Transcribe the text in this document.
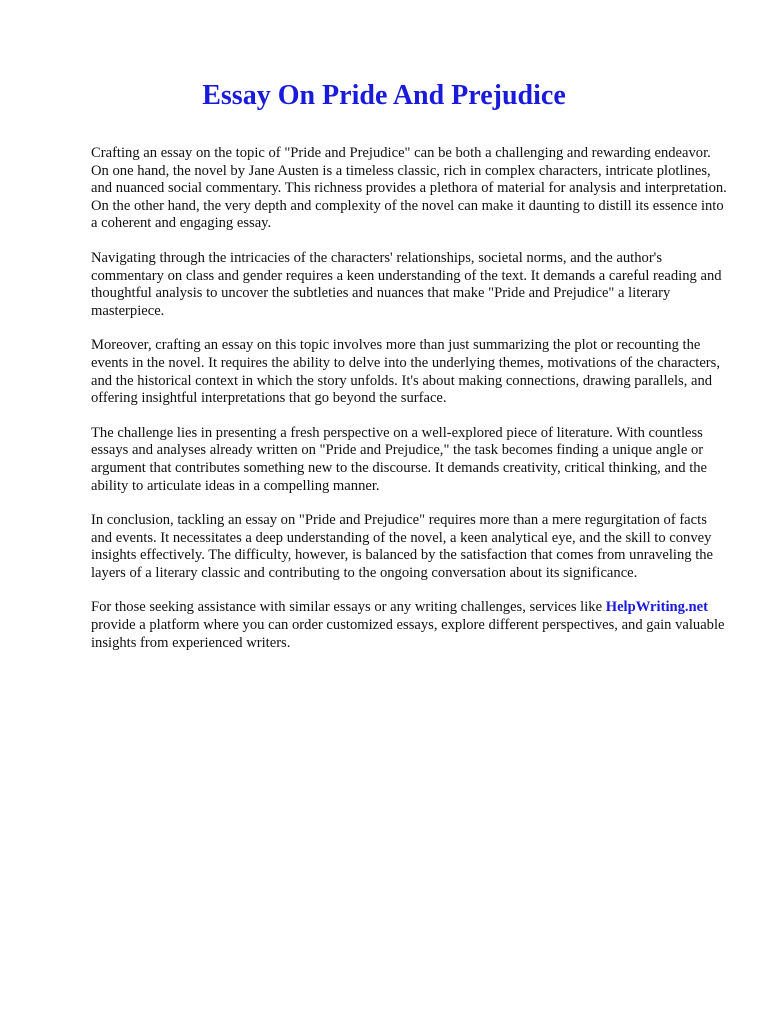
Essay On Pride And Prejudice

Crafting an essay on the topic of "Pride and Prejudice" can be both a challenging and rewarding endeavor. On one hand, the novel by Jane Austen is a timeless classic, rich in complex characters, intricate plotlines, and nuanced social commentary. This richness provides a plethora of material for analysis and interpretation. On the other hand, the very depth and complexity of the novel can make it daunting to distill its essence into a coherent and engaging essay.

Navigating through the intricacies of the characters' relationships, societal norms, and the author's commentary on class and gender requires a keen understanding of the text. It demands a careful reading and thoughtful analysis to uncover the subtleties and nuances that make "Pride and Prejudice" a literary masterpiece.

Moreover, crafting an essay on this topic involves more than just summarizing the plot or recounting the events in the novel. It requires the ability to delve into the underlying themes, motivations of the characters, and the historical context in which the story unfolds. It's about making connections, drawing parallels, and offering insightful interpretations that go beyond the surface.

The challenge lies in presenting a fresh perspective on a well-explored piece of literature. With countless essays and analyses already written on "Pride and Prejudice," the task becomes finding a unique angle or argument that contributes something new to the discourse. It demands creativity, critical thinking, and the ability to articulate ideas in a compelling manner.

In conclusion, tackling an essay on "Pride and Prejudice" requires more than a mere regurgitation of facts and events. It necessitates a deep understanding of the novel, a keen analytical eye, and the skill to convey insights effectively. The difficulty, however, is balanced by the satisfaction that comes from unraveling the layers of a literary classic and contributing to the ongoing conversation about its significance.

For those seeking assistance with similar essays or any writing challenges, services like HelpWriting.net provide a platform where you can order customized essays, explore different perspectives, and gain valuable insights from experienced writers.
